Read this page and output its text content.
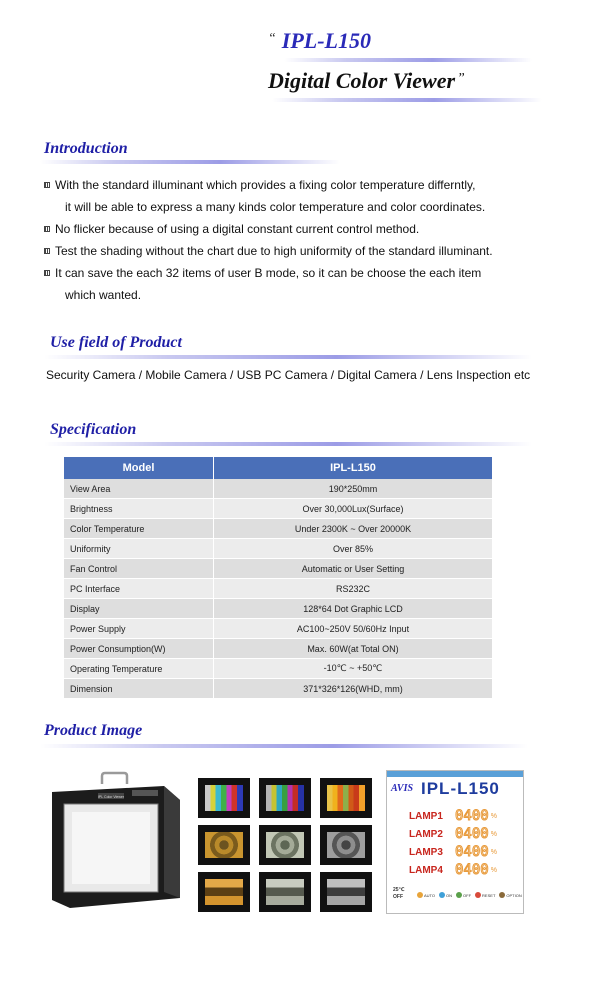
“ IPL-L150
Digital Color Viewer ”
Introduction
With the standard illuminant which provides a fixing color temperature differntly,
it will be able to express a many kinds color temperature and color coordinates.
No flicker because of using a digital constant current control method.
Test the shading without the chart due to high uniformity of the standard illuminant.
It can save the each 32 items of user B mode, so it can be choose the each item
which wanted.
Use field of Product
Security Camera / Mobile Camera / USB PC Camera / Digital Camera / Lens Inspection etc
Specification
Model	IPL-L150
View Area	190*250mm
Brightness	Over 30,000Lux(Surface)
Color Temperature	Under 2300K ~ Over 20000K
Uniformity	Over 85%
Fan Control	Automatic or User Setting
PC Interface	RS232C
Display	128*64 Dot Graphic LCD
Power Supply	AC100~250V 50/60Hz Input
Power Consumption(W)	Max. 60W(at Total ON)
Operating Temperature	-10℃ ~ +50℃
Dimension	371*326*126(WHD, mm)
Product Image
IPL Color Viewer
AVIS IPL-L150
LAMP1 0400 %
LAMP2 0400 %
LAMP3 0400 %
LAMP4 0400 %
25℃
OFF	AUTO	ON	OFF	RESET	OPTION
